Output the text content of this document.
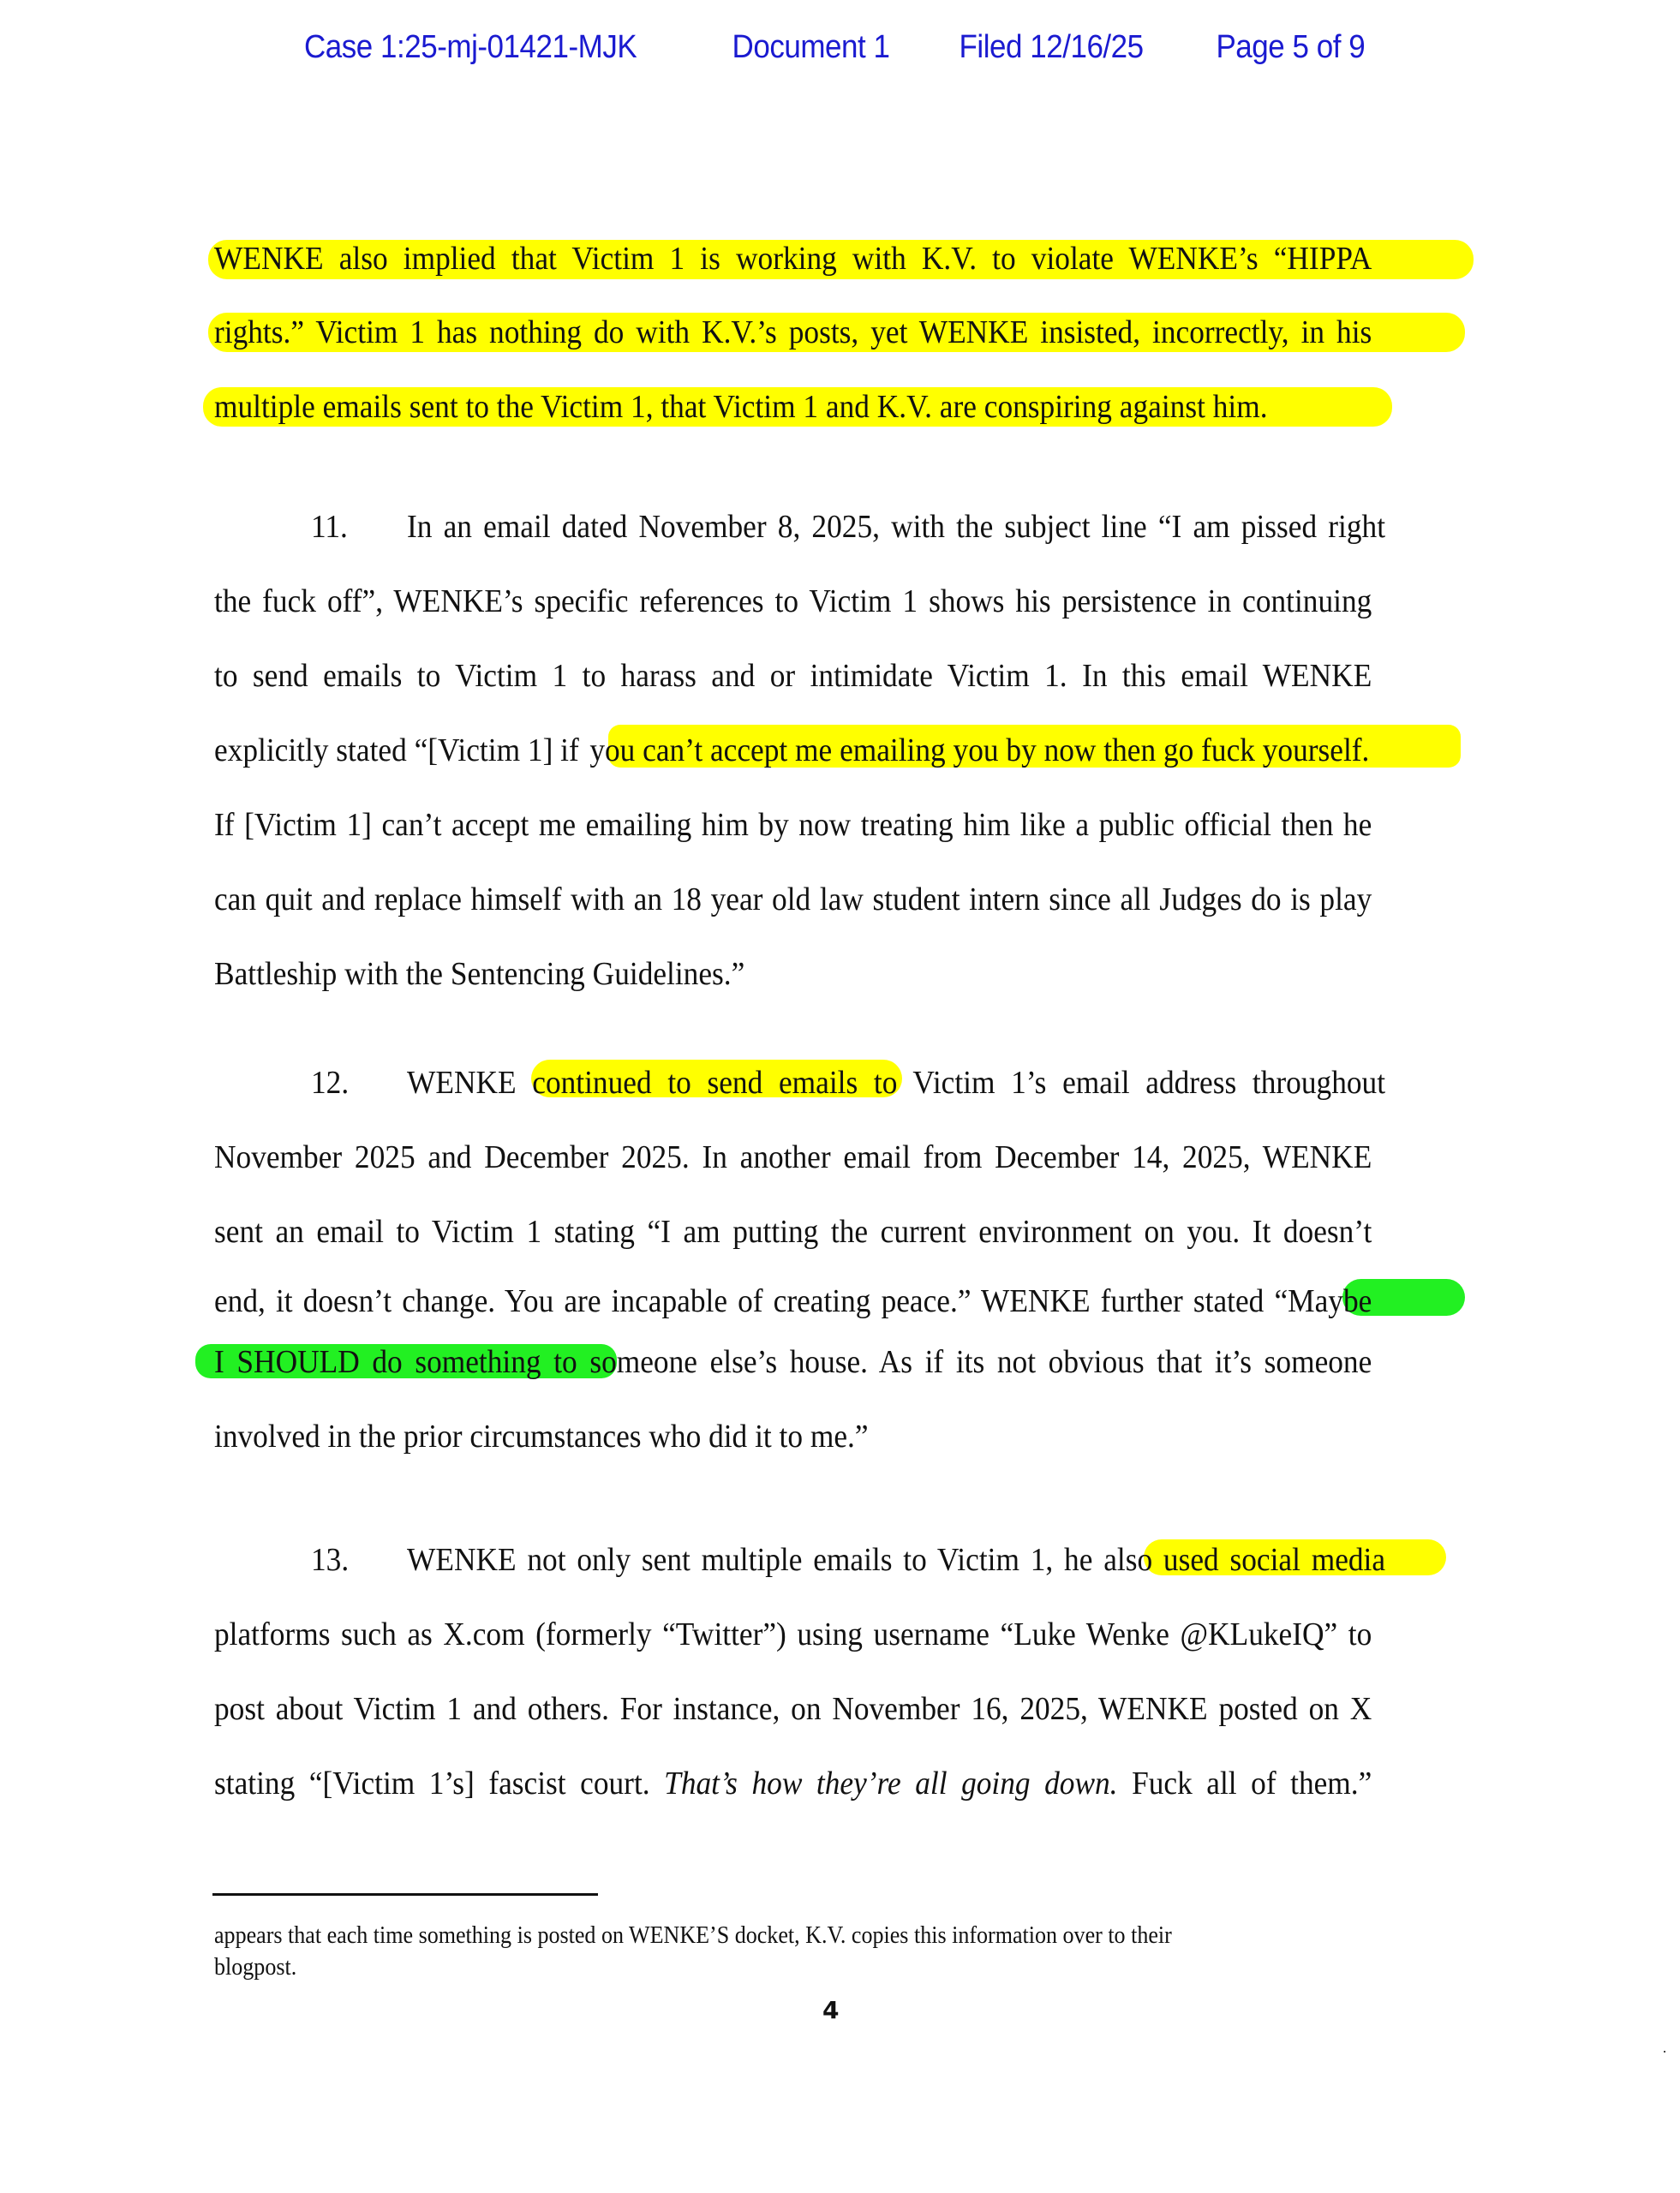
Case 1:25-mj-01421-MJK	Document 1 Filed 12/16/25 Page 5 of 9
WENKE also implied that Victim 1 is working with K.V. to violate WENKE’s “HIPPA
rights.” Victim 1 has nothing do with K.V.’s posts, yet WENKE insisted, incorrectly, in his
multiple emails sent to the Victim 1, that Victim 1 and K.V. are conspiring against him.
11. In an email dated November 8, 2025, with the subject line “I am pissed right
the fuck off”, WENKE’s specific references to Victim 1 shows his persistence in continuing
to send emails to Victim 1 to harass and or intimidate Victim 1. In this email WENKE
explicitly stated “[Victim 1] if you can’t accept me emailing you by now then go fuck yourself.
If [Victim 1] can’t accept me emailing him by now treating him like a public official then he
can quit and replace himself with an 18 year old law student intern since all Judges do is play
Battleship with the Sentencing Guidelines.”
12. WENKE continued to send emails to Victim 1’s email address throughout
November 2025 and December 2025. In another email from December 14, 2025, WENKE
sent an email to Victim 1 stating “I am putting the current environment on you. It doesn’t
end, it doesn’t change. You are incapable of creating peace.” WENKE further stated “Maybe
I SHOULD do something to someone else’s house. As if its not obvious that it’s someone
involved in the prior circumstances who did it to me.”
13. WENKE not only sent multiple emails to Victim 1, he also used social media
platforms such as X.com (formerly “Twitter”) using username “Luke Wenke @KLukeIQ” to
post about Victim 1 and others. For instance, on November 16, 2025, WENKE posted on X
stating “[Victim 1’s] fascist court. That’s how they’re all going down. Fuck all of them.”
appears that each time something is posted on WENKE’S docket, K.V. copies this information over to their
blogpost.
4
